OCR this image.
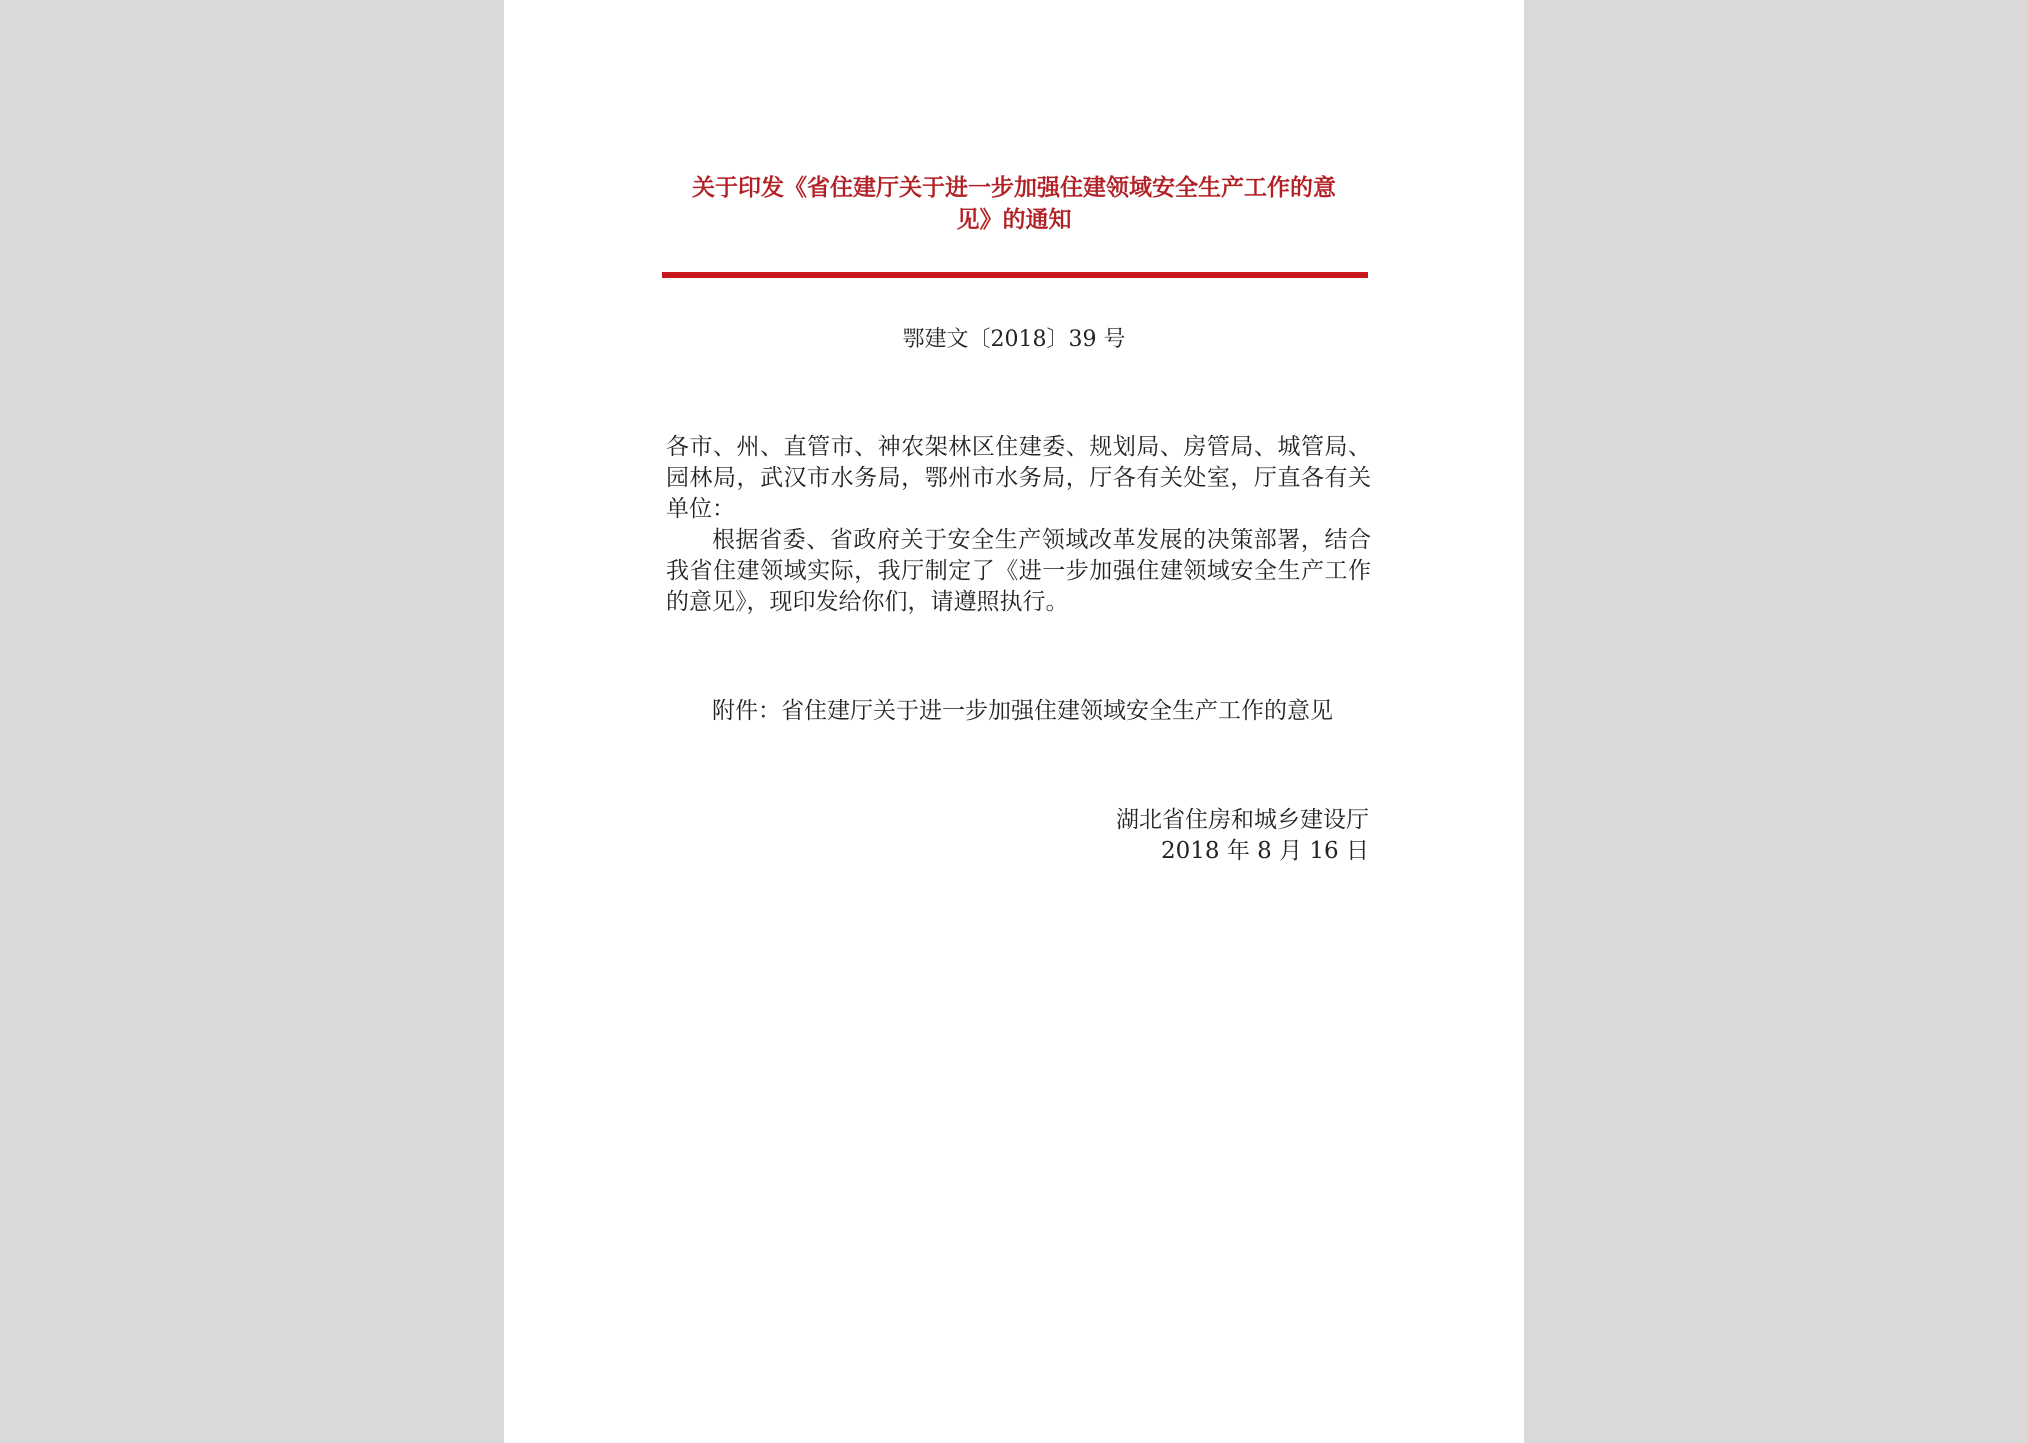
关于印发《省住建厅关于进一步加强住建领域安全生产工作的意
见》的通知
鄂建文〔2018〕39 号

各市、州、直管市、神农架林区住建委、规划局、房管局、城管局、园林局，武汉市水务局，鄂州市水务局，厅各有关处室，厅直各有关单位：

根据省委、省政府关于安全生产领域改革发展的决策部署，结合我省住建领域实际，我厅制定了《进一步加强住建领域安全生产工作的意见》，现印发给你们，请遵照执行。

附件：省住建厅关于进一步加强住建领域安全生产工作的意见
湖北省住房和城乡建设厅
2018 年 8 月 16 日
